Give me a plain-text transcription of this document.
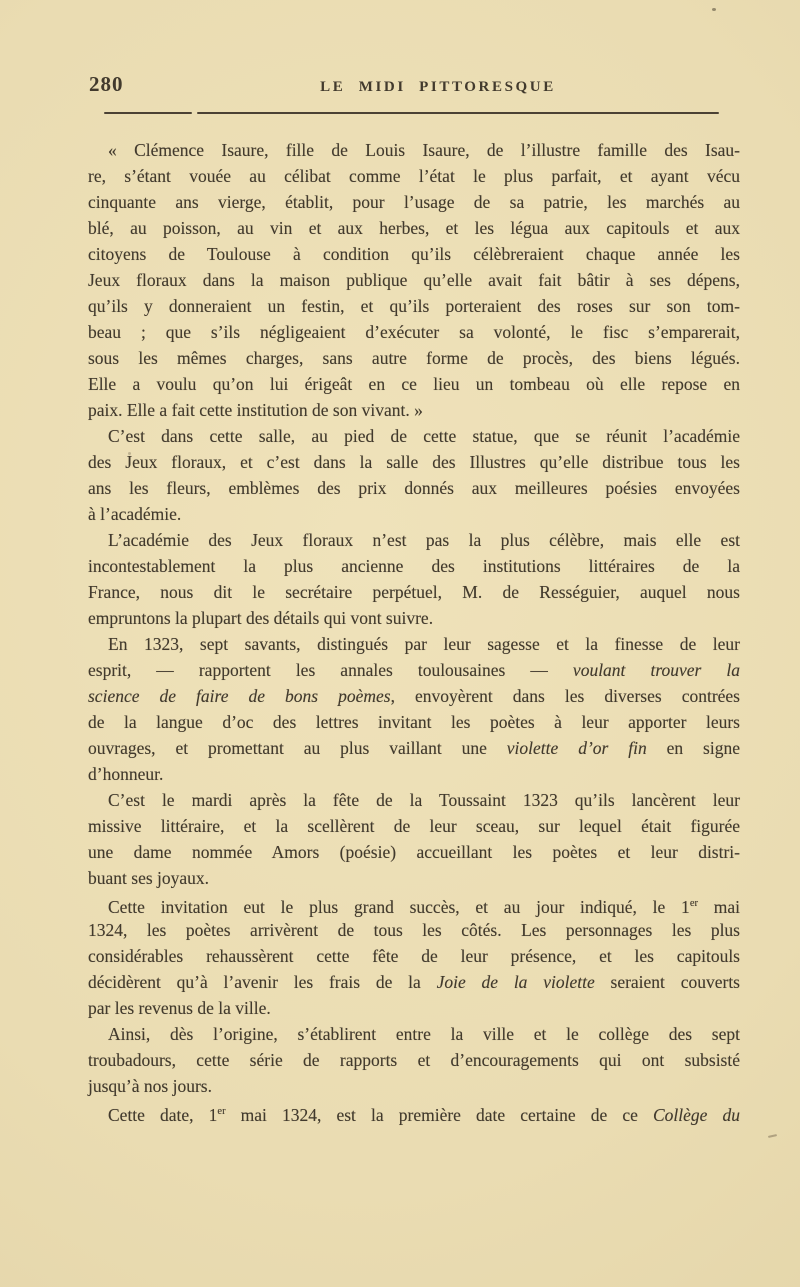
280	LE MIDI PITTORESQUE
« Clémence Isaure, fille de Louis Isaure, de l’illustre famille des Isau-
re, s’étant vouée au célibat comme l’état le plus parfait, et ayant vécu
cinquante ans vierge, établit, pour l’usage de sa patrie, les marchés au
blé, au poisson, au vin et aux herbes, et les légua aux capitouls et aux
citoyens de Toulouse à condition qu’ils célèbreraient chaque année les
Jeux floraux dans la maison publique qu’elle avait fait bâtir à ses dépens,
qu’ils y donneraient un festin, et qu’ils porteraient des roses sur son tom-
beau ; que s’ils négligeaient d’exécuter sa volonté, le fisc s’emparerait,
sous les mêmes charges, sans autre forme de procès, des biens légués.
Elle a voulu qu’on lui érigeât en ce lieu un tombeau où elle repose en
paix. Elle a fait cette institution de son vivant. »
C’est dans cette salle, au pied de cette statue, que se réunit l’académie
des Jeux floraux, et c’est dans la salle des Illustres qu’elle distribue tous les
ans les fleurs, emblèmes des prix donnés aux meilleures poésies envoyées
à l’académie.
L’académie des Jeux floraux n’est pas la plus célèbre, mais elle est
incontestablement la plus ancienne des institutions littéraires de la
France, nous dit le secrétaire perpétuel, M. de Rességuier, auquel nous
empruntons la plupart des détails qui vont suivre.
En 1323, sept savants, distingués par leur sagesse et la finesse de leur
esprit, — rapportent les annales toulousaines — voulant trouver la
science de faire de bons poèmes, envoyèrent dans les diverses contrées
de la langue d’oc des lettres invitant les poètes à leur apporter leurs
ouvrages, et promettant au plus vaillant une violette d’or fin en signe
d’honneur.
C’est le mardi après la fête de la Toussaint 1323 qu’ils lancèrent leur
missive littéraire, et la scellèrent de leur sceau, sur lequel était figurée
une dame nommée Amors (poésie) accueillant les poètes et leur distri-
buant ses joyaux.
Cette invitation eut le plus grand succès, et au jour indiqué, le 1er mai
1324, les poètes arrivèrent de tous les côtés. Les personnages les plus
considérables rehaussèrent cette fête de leur présence, et les capitouls
décidèrent qu’à l’avenir les frais de la Joie de la violette seraient couverts
par les revenus de la ville.
Ainsi, dès l’origine, s’établirent entre la ville et le collège des sept
troubadours, cette série de rapports et d’encouragements qui ont subsisté
jusqu’à nos jours.
Cette date, 1er mai 1324, est la première date certaine de ce Collège du
